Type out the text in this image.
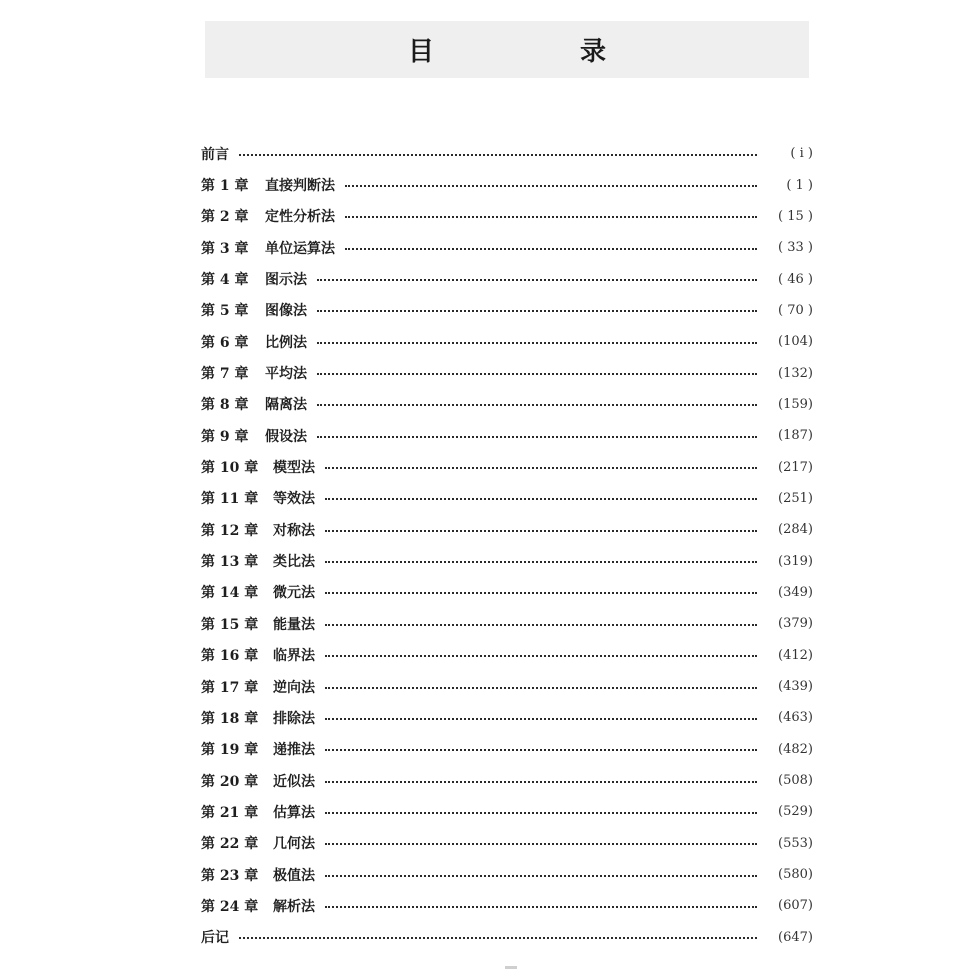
目　录
前言	( ⅰ )
第 1 章	直接判断法	( 1 )
第 2 章	定性分析法	( 15 )
第 3 章	单位运算法	( 33 )
第 4 章	图示法	( 46 )
第 5 章	图像法	( 70 )
第 6 章	比例法	(104)
第 7 章	平均法	(132)
第 8 章	隔离法	(159)
第 9 章	假设法	(187)
第 10 章	模型法	(217)
第 11 章	等效法	(251)
第 12 章	对称法	(284)
第 13 章	类比法	(319)
第 14 章	微元法	(349)
第 15 章	能量法	(379)
第 16 章	临界法	(412)
第 17 章	逆向法	(439)
第 18 章	排除法	(463)
第 19 章	递推法	(482)
第 20 章	近似法	(508)
第 21 章	估算法	(529)
第 22 章	几何法	(553)
第 23 章	极值法	(580)
第 24 章	解析法	(607)
后记	(647)
